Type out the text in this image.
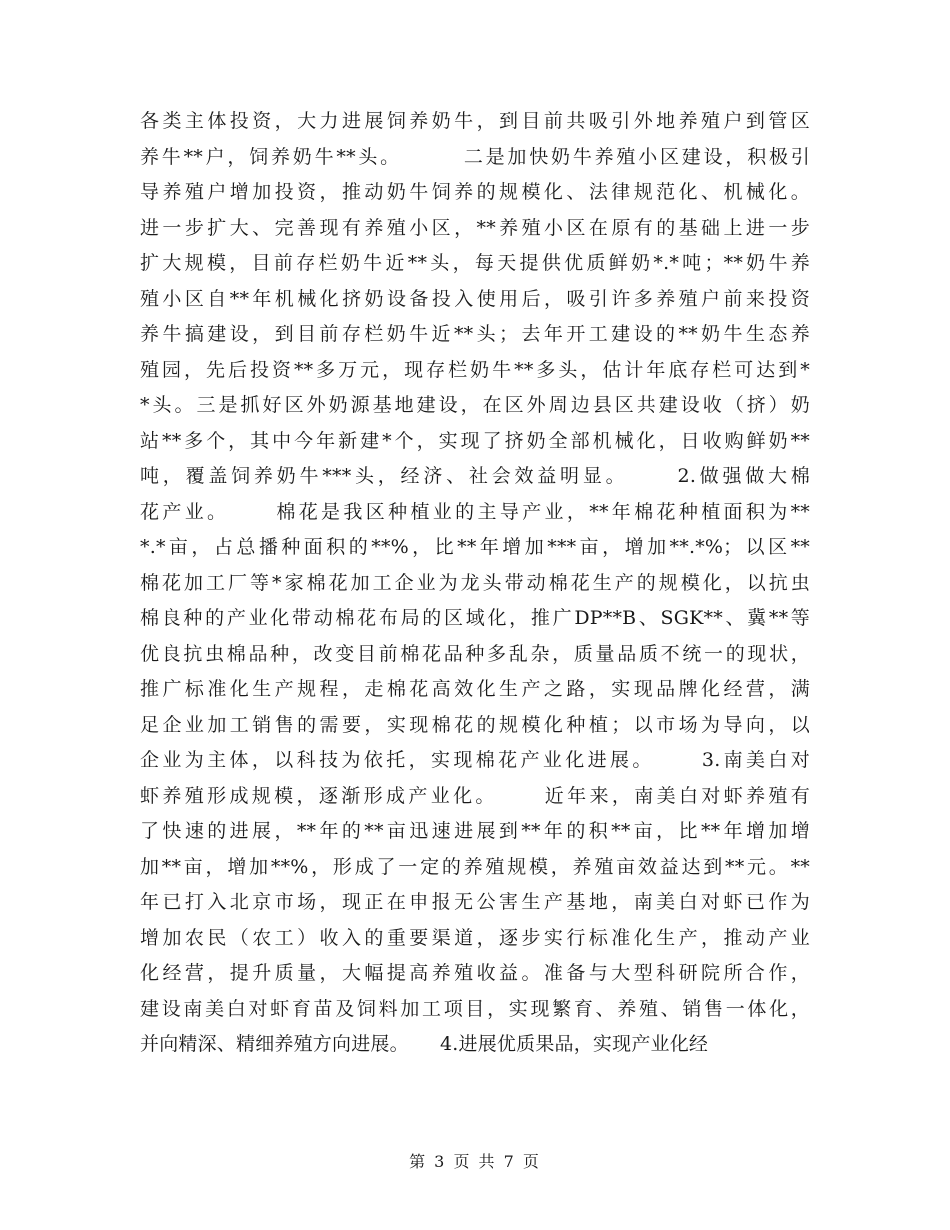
各类主体投资，大力进展饲养奶牛，到目前共吸引外地养殖户到管区
养牛**户，饲养奶牛**头。       二是加快奶牛养殖小区建设，积极引
导养殖户增加投资，推动奶牛饲养的规模化、法律规范化、机械化。
进一步扩大、完善现有养殖小区，**养殖小区在原有的基础上进一步
扩大规模，目前存栏奶牛近**头，每天提供优质鲜奶*.*吨；**奶牛养
殖小区自**年机械化挤奶设备投入使用后，吸引许多养殖户前来投资
养牛搞建设，到目前存栏奶牛近**头；去年开工建设的**奶牛生态养
殖园，先后投资**多万元，现存栏奶牛**多头，估计年底存栏可达到*
*头。三是抓好区外奶源基地建设，在区外周边县区共建设收（挤）奶
站**多个，其中今年新建*个，实现了挤奶全部机械化，日收购鲜奶**
吨，覆盖饲养奶牛***头，经济、社会效益明显。     2.做强做大棉
花产业。     棉花是我区种植业的主导产业，**年棉花种植面积为**
*.*亩，占总播种面积的**%，比**年增加***亩，增加**.*%；以区**
棉花加工厂等*家棉花加工企业为龙头带动棉花生产的规模化，以抗虫
棉良种的产业化带动棉花布局的区域化，推广DP**B、SGK**、冀**等
优良抗虫棉品种，改变目前棉花品种多乱杂，质量品质不统一的现状，
推广标准化生产规程，走棉花高效化生产之路，实现品牌化经营，满
足企业加工销售的需要，实现棉花的规模化种植；以市场为导向，以
企业为主体，以科技为依托，实现棉花产业化进展。     3.南美白对
虾养殖形成规模，逐渐形成产业化。     近年来，南美白对虾养殖有
了快速的进展，**年的**亩迅速进展到**年的积**亩，比**年增加增
加**亩，增加**%，形成了一定的养殖规模，养殖亩效益达到**元。**
年已打入北京市场，现正在申报无公害生产基地，南美白对虾已作为
增加农民（农工）收入的重要渠道，逐步实行标准化生产，推动产业
化经营，提升质量，大幅提高养殖收益。准备与大型科研院所合作，
建设南美白对虾育苗及饲料加工项目，实现繁育、养殖、销售一体化，
并向精深、精细养殖方向进展。     4.进展优质果品，实现产业化经
第 3 页 共 7 页
